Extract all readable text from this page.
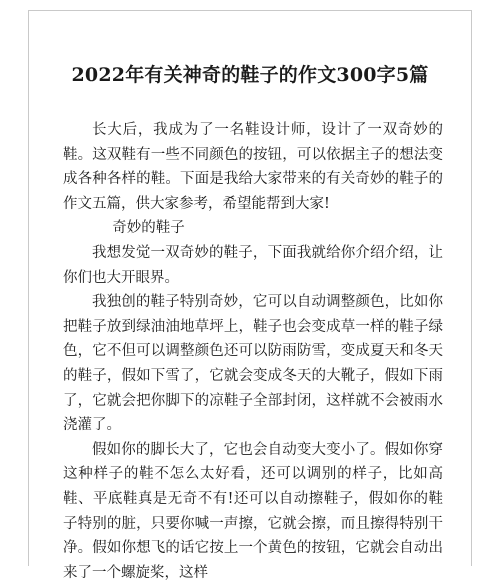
2022年有关神奇的鞋子的作文300字5篇

长大后，我成为了一名鞋设计师，设计了一双奇妙的鞋。这双鞋有一些不同颜色的按钮，可以依据主子的想法变成各种各样的鞋。下面是我给大家带来的有关奇妙的鞋子的作文五篇，供大家参考，希望能帮到大家!

奇妙的鞋子

我想发觉一双奇妙的鞋子，下面我就给你介绍介绍，让你们也大开眼界。

我独创的鞋子特别奇妙，它可以自动调整颜色，比如你把鞋子放到绿油油地草坪上，鞋子也会变成草一样的鞋子绿色，它不但可以调整颜色还可以防雨防雪，变成夏天和冬天的鞋子，假如下雪了，它就会变成冬天的大靴子，假如下雨了，它就会把你脚下的凉鞋子全部封闭，这样就不会被雨水浇灌了。

假如你的脚长大了，它也会自动变大变小了。假如你穿这种样子的鞋不怎么太好看，还可以调别的样子，比如高鞋、平底鞋真是无奇不有!还可以自动擦鞋子，假如你的鞋子特别的脏，只要你喊一声擦，它就会擦，而且擦得特别干净。假如你想飞的话它按上一个黄色的按钮，它就会自动出来了一个螺旋桨，这样
